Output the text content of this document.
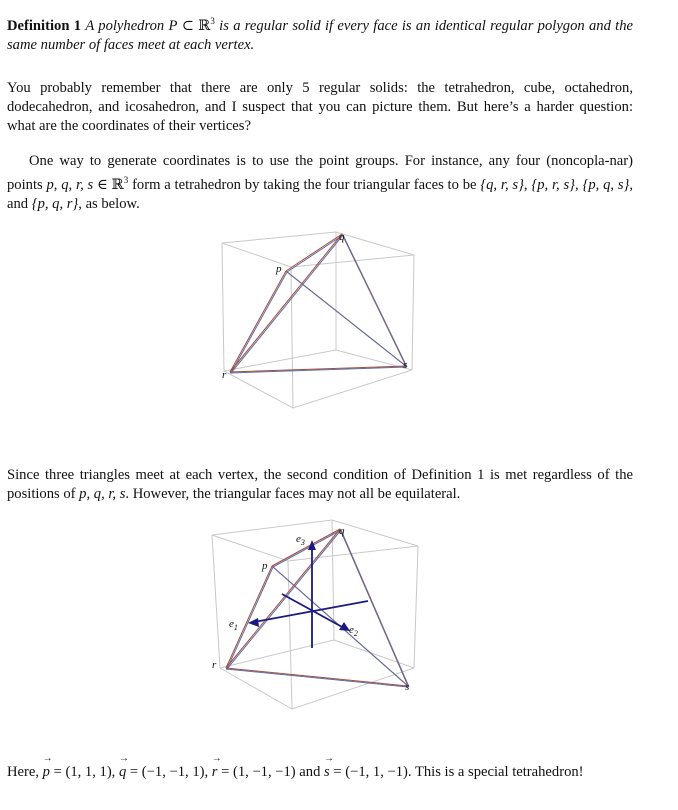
Definition 1 A polyhedron P ⊂ ℝ$^3$ is a regular solid if every face is an identical regular polygon and the same number of faces meet at each vertex.
You probably remember that there are only 5 regular solids: the tetrahedron, cube, octahedron, dodecahedron, and icosahedron, and I suspect that you can picture them. But here’s a harder question: what are the coordinates of their vertices?
One way to generate coordinates is to use the point groups. For instance, any four (noncopla-nar) points p, q, r, s ∈ ℝ$^3$ form a tetrahedron by taking the four triangular faces to be {q, r, s}, {p, r, s}, {p, q, s}, and {p, q, r}, as below.
p
q
r
s
Since three triangles meet at each vertex, the second condition of Definition 1 is met regardless of the positions of p, q, r, s. However, the triangular faces may not all be equilateral.
p
q
r
s
$e_1$	$e_2$
$e_3$
Here, → p = (1, 1, 1), → q = (−1, −1, 1), → r = (1, −1, −1) and → s = (−1, 1, −1). This is a special tetrahedron!
